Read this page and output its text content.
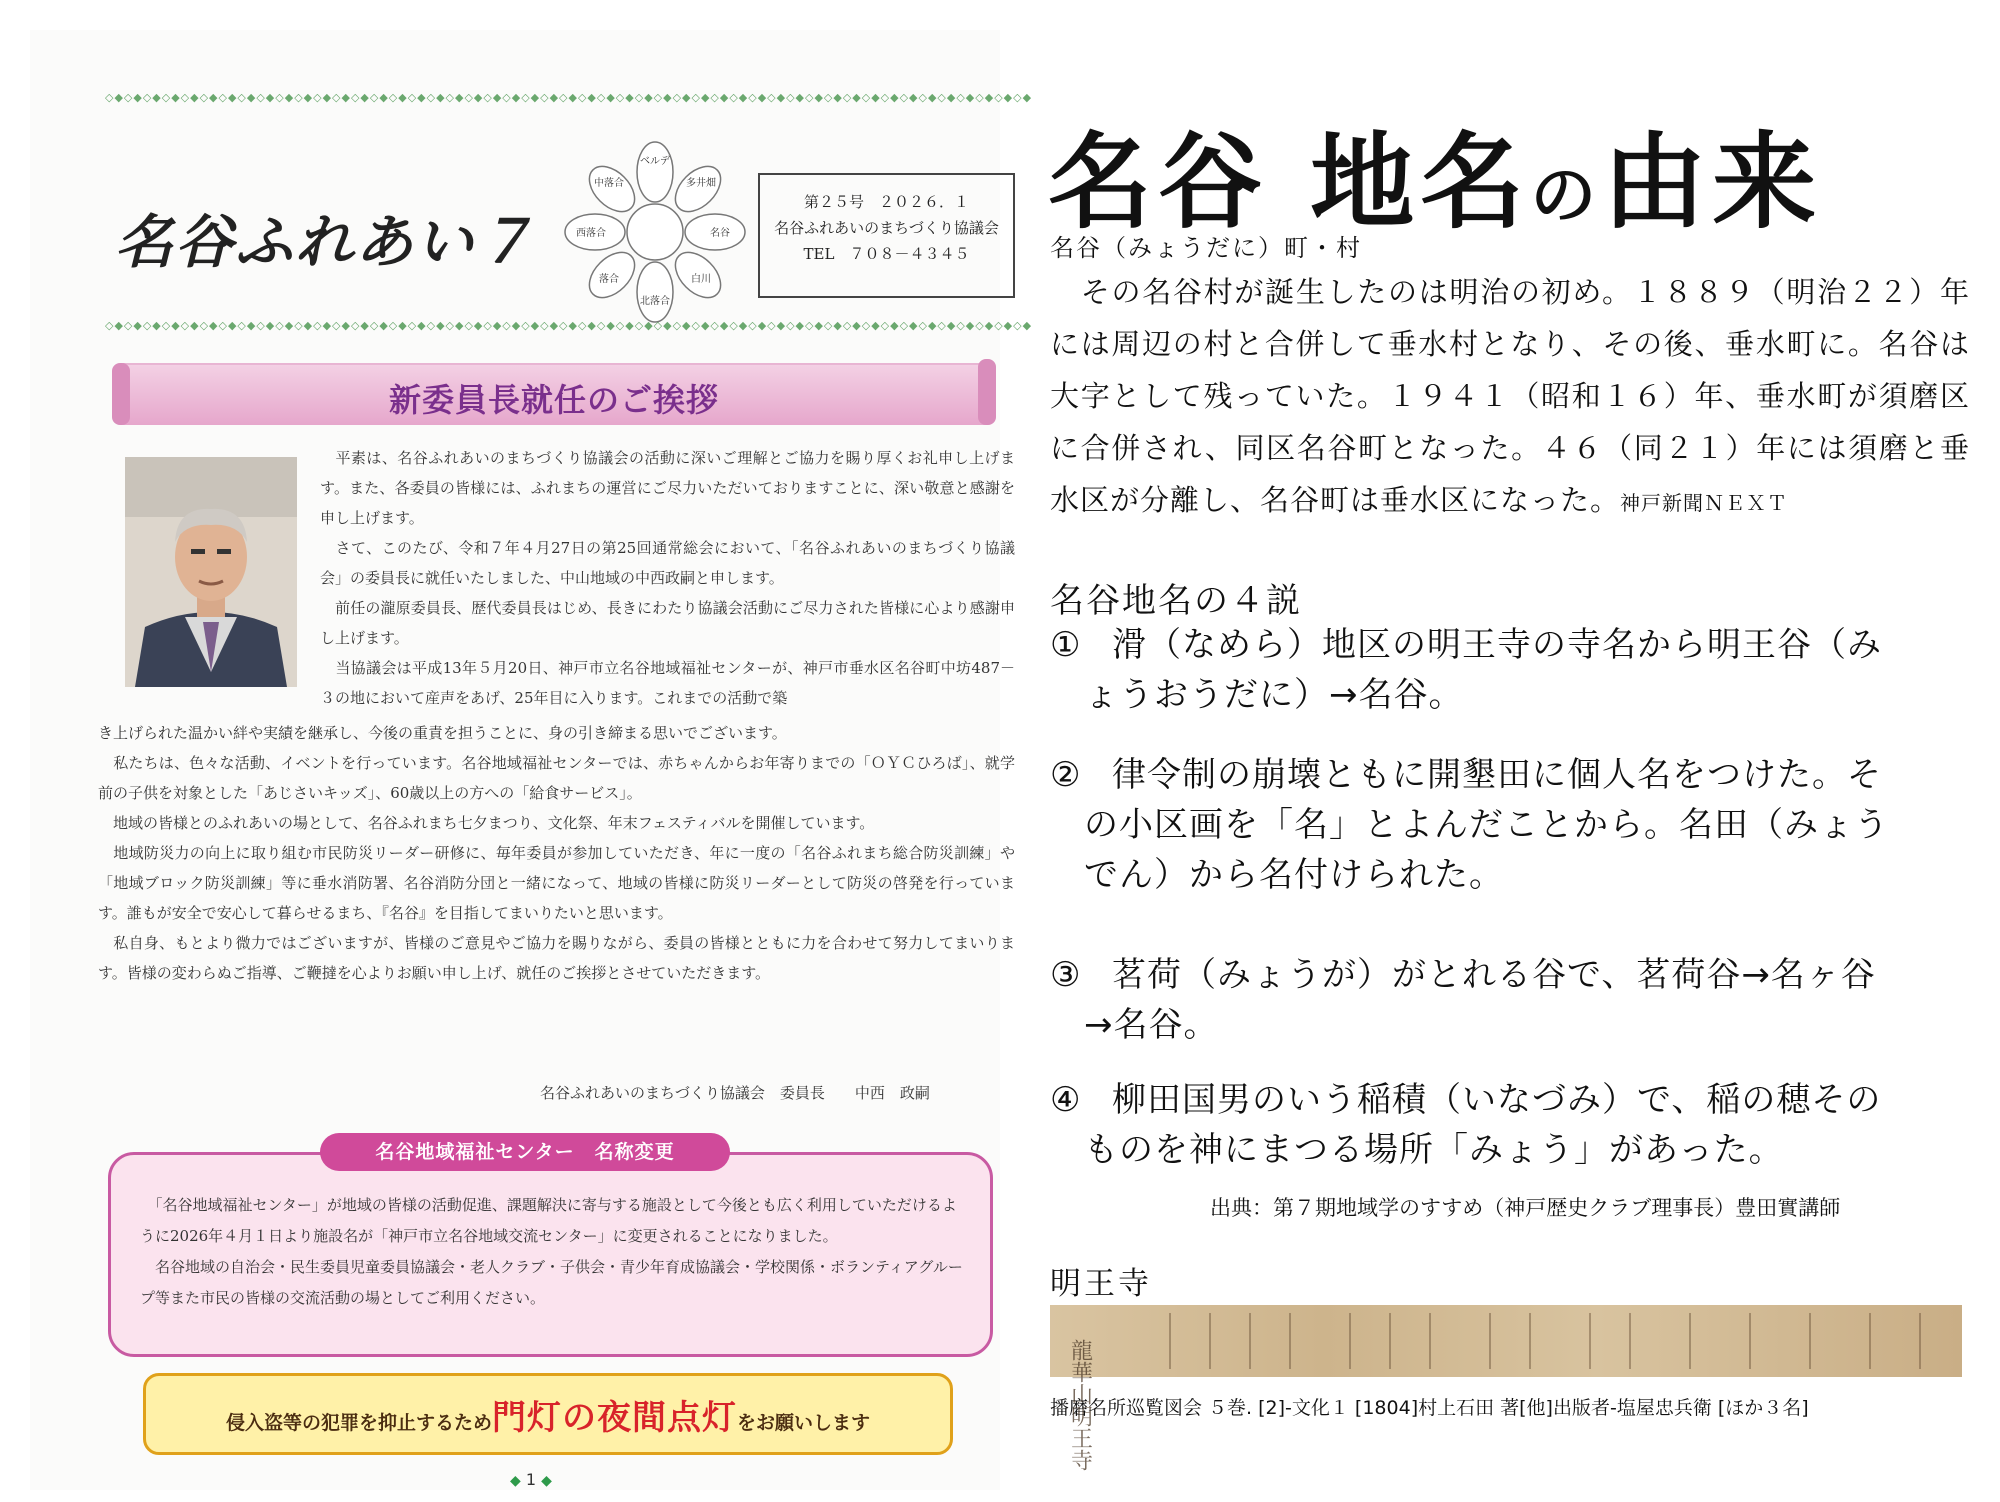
◇◆◇◆◇◆◇◆◇◆◇◆◇◆◇◆◇◆◇◆◇◆◇◆◇◆◇◆◇◆◇◆◇◆◇◆◇◆◇◆◇◆◇◆◇◆◇◆◇◆◇◆◇◆◇◆◇◆◇◆◇◆◇◆◇◆◇◆◇◆◇◆◇◆◇◆◇◆◇◆◇◆◇◆◇◆◇◆◇◆◇◆◇◆◇◆◇◆
名谷ふれあい７
ベルデ
多井畑
名谷
白川
北落合
落合
西落合
中落合
第２５号　２０２６．１
名谷ふれあいのまちづくり協議会
TEL　７０８－４３４５
◇◆◇◆◇◆◇◆◇◆◇◆◇◆◇◆◇◆◇◆◇◆◇◆◇◆◇◆◇◆◇◆◇◆◇◆◇◆◇◆◇◆◇◆◇◆◇◆◇◆◇◆◇◆◇◆◇◆◇◆◇◆◇◆◇◆◇◆◇◆◇◆◇◆◇◆◇◆◇◆◇◆◇◆◇◆◇◆◇◆◇◆◇◆◇◆◇◆
新委員長就任のご挨拶
　平素は、名谷ふれあいのまちづくり協議会の活動に深いご理解とご協力を賜り厚くお礼申し上げます。また、各委員の皆様には、ふれまちの運営にご尽力いただいておりますことに、深い敬意と感謝を申し上げます。
　さて、このたび、令和７年４月27日の第25回通常総会において、「名谷ふれあいのまちづくり協議会」の委員長に就任いたしました、中山地域の中西政嗣と申します。
　前任の瀧原委員長、歴代委員長はじめ、長きにわたり協議会活動にご尽力された皆様に心より感謝申し上げます。
　当協議会は平成13年５月20日、神戸市立名谷地域福祉センターが、神戸市垂水区名谷町中坊487－３の地において産声をあげ、25年目に入ります。これまでの活動で築
き上げられた温かい絆や実績を継承し、今後の重責を担うことに、身の引き締まる思いでございます。
　私たちは、色々な活動、イベントを行っています。名谷地域福祉センターでは、赤ちゃんからお年寄りまでの「ＯＹＣひろば」、就学前の子供を対象とした「あじさいキッズ」、60歳以上の方への「給食サービス」。
　地域の皆様とのふれあいの場として、名谷ふれまち七夕まつり、文化祭、年末フェスティバルを開催しています。
　地域防災力の向上に取り組む市民防災リーダー研修に、毎年委員が参加していただき、年に一度の「名谷ふれまち総合防災訓練」や「地域ブロック防災訓練」等に垂水消防署、名谷消防分団と一緒になって、地域の皆様に防災リーダーとして防災の啓発を行っています。誰もが安全で安心して暮らせるまち、『名谷』を目指してまいりたいと思います。
　私自身、もとより微力ではございますが、皆様のご意見やご協力を賜りながら、委員の皆様とともに力を合わせて努力してまいります。皆様の変わらぬご指導、ご鞭撻を心よりお願い申し上げ、就任のご挨拶とさせていただきます。
名谷ふれあいのまちづくり協議会　委員長　　中西　政嗣
名谷地域福祉センター　名称変更
　「名谷地域福祉センター」が地域の皆様の活動促進、課題解決に寄与する施設として今後とも広く利用していただけるように2026年４月１日より施設名が「神戸市立名谷地域交流センター」に変更されることになりました。
　名谷地域の自治会・民生委員児童委員協議会・老人クラブ・子供会・青少年育成協議会・学校関係・ボランティアグループ等また市民の皆様の交流活動の場としてご利用ください。
侵入盗等の犯罪を抑止するため門灯の夜間点灯をお願いします
◆ 1 ◆
名谷 地名の由来
名谷（みょうだに）町・村
　その名谷村が誕生したのは明治の初め。１８８９（明治２２）年には周辺の村と合併して垂水村となり、その後、垂水町に。名谷は大字として残っていた。１９４１（昭和１６）年、垂水町が須磨区に合併され、同区名谷町となった。４６（同２１）年には須磨と垂水区が分離し、名谷町は垂水区になった。神戸新聞ＮＥＸＴ
名谷地名の４説
① 滑（なめら）地区の明王寺の寺名から明王谷（み
ょうおうだに）→名谷。
② 律令制の崩壊ともに開墾田に個人名をつけた。そ
の小区画を「名」とよんだことから。名田（みょう
でん）から名付けられた。
③ 茗荷（みょうが）がとれる谷で、茗荷谷→名ヶ谷
→名谷。
④ 柳田国男のいう稲積（いなづみ）で、稲の穂その
ものを神にまつる場所「みょう」があった。
出典：第７期地域学のすすめ（神戸歴史クラブ理事長）豊田實講師
明王寺
龍華山明王寺
播磨名所巡覧図会 ５巻. [2]-文化１ [1804]村上石田 著[他]出版者-塩屋忠兵衛 [ほか３名]
